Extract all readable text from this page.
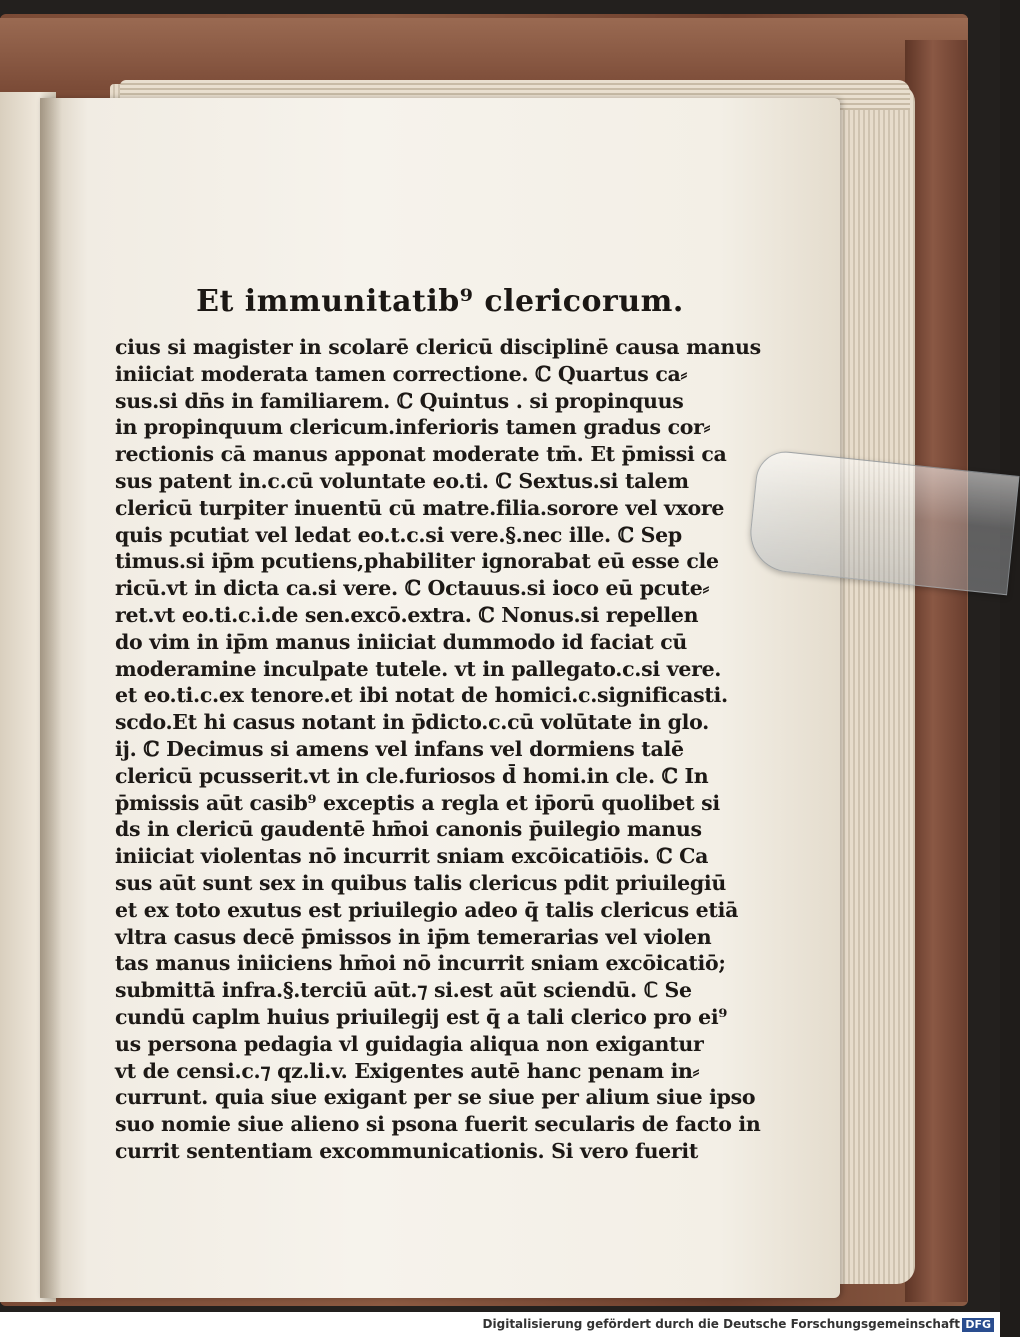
Et immunitatib⁹ clericorum.
cius si magister in scolarē clericū disciplinē causa manus
iniiciat moderata tamen correctione. ℂ Quartus ca⸗
sus.si dn̄s in familiarem. ℂ Quintus . si propinquus
in propinquum clericum.inferioris tamen gradus cor⸗
rectionis cā manus apponat moderate tm̄. Et p̄missi ca
sus patent in.c.cū voluntate eo.ti. ℂ Sextus.si talem
clericū turpiter inuentū cū matre.filia.sorore vel vxore
quis pcutiat vel ledat eo.t.c.si vere.§.nec ille. ℂ Sep
timus.si ip̄m pcutiens,phabiliter ignorabat eū esse cle
ricū.vt in dicta ca.si vere. ℂ Octauus.si ioco eū pcute⸗
ret.vt eo.ti.c.i.de sen.excō.extra. ℂ Nonus.si repellen
do vim in ip̄m manus iniiciat dummodo id faciat cū
moderamine inculpate tutele. vt in pallegato.c.si vere.
et eo.ti.c.ex tenore.et ibi notat de homici.c.significasti.
scdo.Et hi casus notant in p̄dicto.c.cū volūtate in glo.
ij. ℂ Decimus si amens vel infans vel dormiens talē
clericū pcusserit.vt in cle.furiosos d̄ homi.in cle. ℂ In
p̄missis aūt casib⁹ exceptis a regla et ip̄orū quolibet si
ds in clericū gaudentē hm̄oi canonis p̄uilegio manus
iniiciat violentas nō incurrit sniam excōicatiōis. ℂ Ca
sus aūt sunt sex in quibus talis clericus pdit priuilegiū
et ex toto exutus est priuilegio adeo q̄ talis clericus etiā
vltra casus decē p̄missos in ip̄m temerarias vel violen
tas manus iniiciens hm̄oi nō incurrit sniam excōicatiō;
submittā infra.§.terciū aūt.⁊ si.est aūt sciendū. ℂ Se
cundū caplm huius priuilegij est q̄ a tali clerico pro ei⁹
us persona pedagia vl guidagia aliqua non exigantur
vt de censi.c.⁊ qz.li.v. Exigentes autē hanc penam in⸗
currunt. quia siue exigant per se siue per alium siue ipso
suo nomie siue alieno si psona fuerit secularis de facto in
currit sententiam excommunicationis. Si vero fuerit
Digitalisierung gefördert durch die Deutsche Forschungsgemeinschaft DFG
